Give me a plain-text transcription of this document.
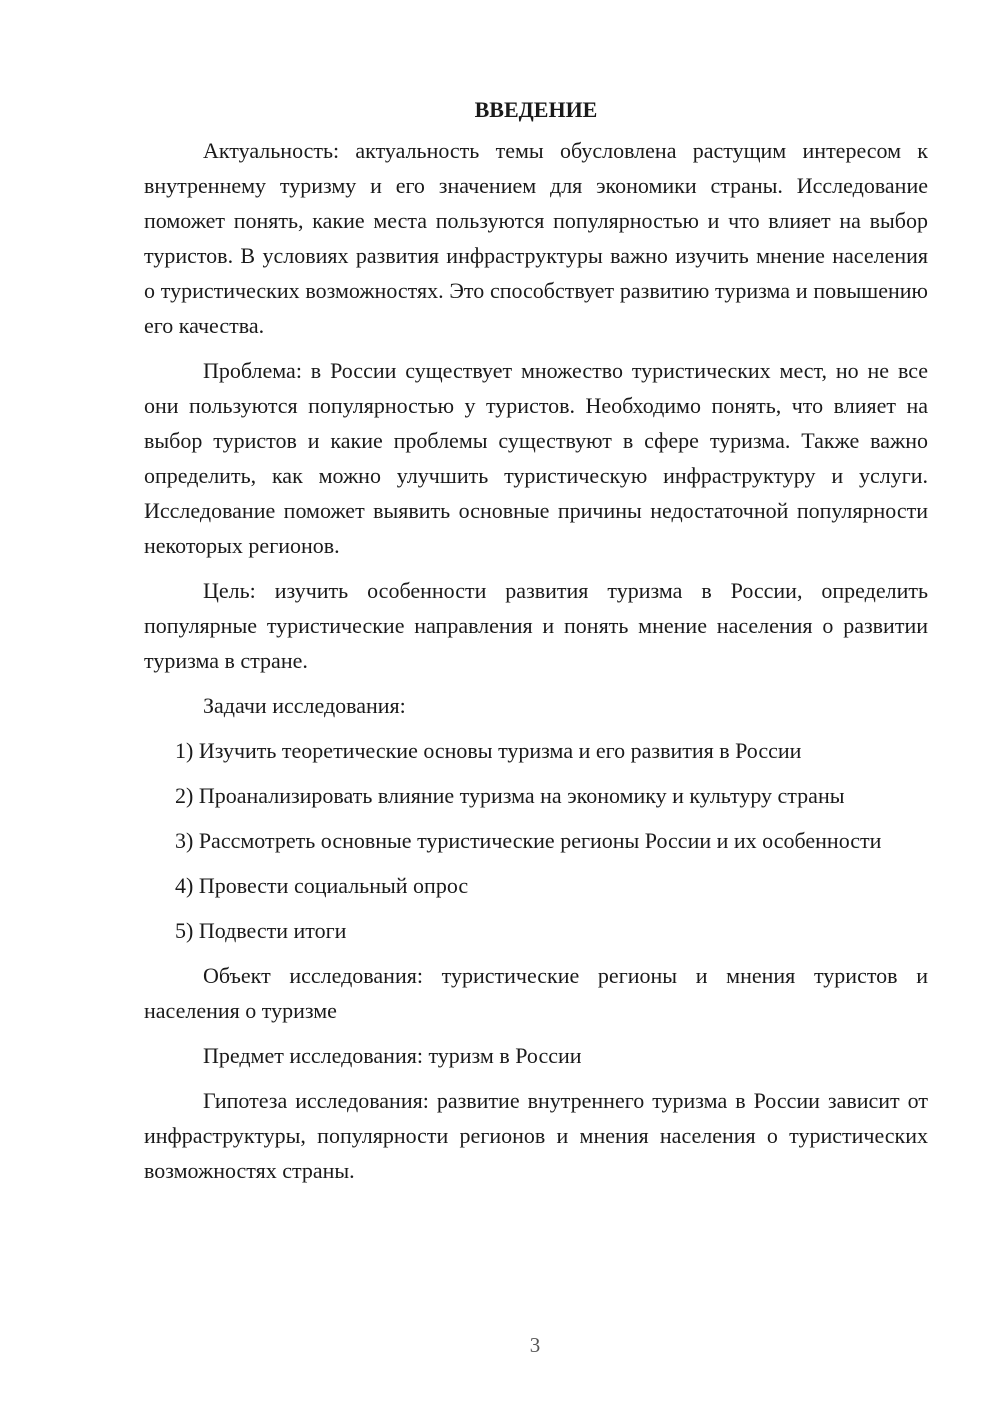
ВВЕДЕНИЕ

Актуальность: актуальность темы обусловлена растущим интересом к внутреннему туризму и его значением для экономики страны. Исследование поможет понять, какие места пользуются популярностью и что влияет на выбор туристов. В условиях развития инфраструктуры важно изучить мнение населения о туристических возможностях. Это способствует развитию туризма и повышению его качества.

Проблема: в России существует множество туристических мест, но не все они пользуются популярностью у туристов. Необходимо понять, что влияет на выбор туристов и какие проблемы существуют в сфере туризма. Также важно определить, как можно улучшить туристическую инфраструктуру и услуги. Исследование поможет выявить основные причины недостаточной популярности некоторых регионов.

Цель: изучить особенности развития туризма в России, определить популярные туристические направления и понять мнение населения о развитии туризма в стране.

Задачи исследования:

1) Изучить теоретические основы туризма и его развития в России

2) Проанализировать влияние туризма на экономику и культуру страны

3) Рассмотреть основные туристические регионы России и их особенности

4) Провести социальный опрос

5) Подвести итоги

Объект исследования: туристические регионы и мнения туристов и населения о туризме

Предмет исследования: туризм в России

Гипотеза исследования: развитие внутреннего туризма в России зависит от инфраструктуры, популярности регионов и мнения населения о туристических возможностях страны.

3
